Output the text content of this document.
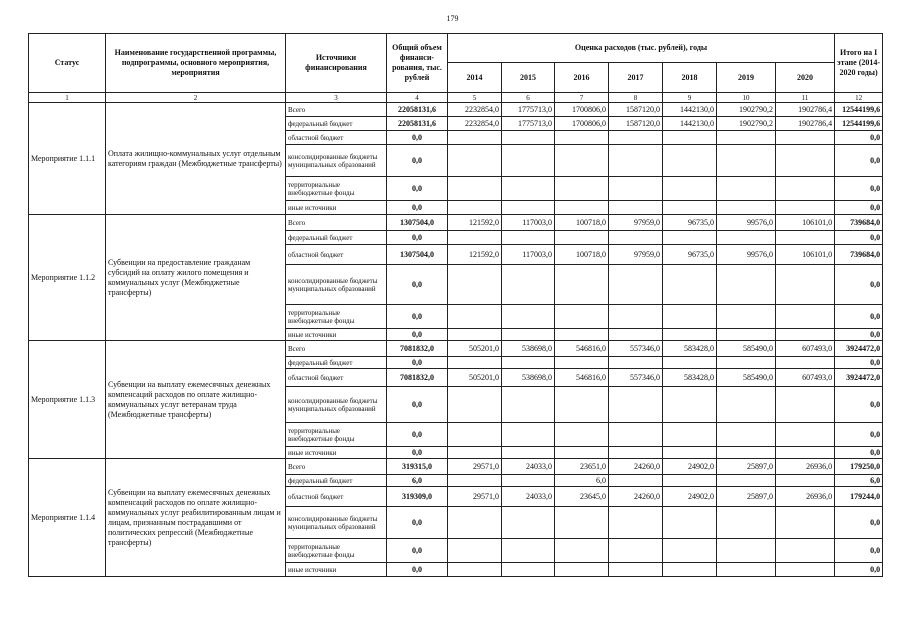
179
Статус	Наименование государственной программы, подпрограммы, основного мероприятия, мероприятия	Источники финансирования	Общий объем финанси-рования, тыс. рублей	Оценка расходов (тыс. рублей), годы							Итого на I этапе (2014-2020 годы)
				2014	2015	2016	2017	2018	2019	2020	
1	2	3	4	5	6	7	8	9	10	11	12
Мероприятие 1.1.1	Оплата жилищно-коммунальных услуг отдельным категориям граждан (Межбюджетные трансферты)	Всего	22058131,6	2232854,0	1775713,0	1700806,0	1587120,0	1442130,0	1902790,2	1902786,4	12544199,6
		федеральный бюджет	22058131,6	2232854,0	1775713,0	1700806,0	1587120,0	1442130,0	1902790,2	1902786,4	12544199,6
		областной бюджет	0,0								0,0
		консолидированные бюджеты муниципальных образований	0,0								0,0
		территориальные внебюджетные фонды	0,0								0,0
		иные источники	0,0								0,0
Мероприятие 1.1.2	Субвенции на предоставление гражданам субсидий на оплату жилого помещения и коммунальных услуг (Межбюджетные трансферты)	Всего	1307504,0	121592,0	117003,0	100718,0	97959,0	96735,0	99576,0	106101,0	739684,0
		федеральный бюджет	0,0								0,0
		областной бюджет	1307504,0	121592,0	117003,0	100718,0	97959,0	96735,0	99576,0	106101,0	739684,0
		консолидированные бюджеты муниципальных образований	0,0								0,0
		территориальные внебюджетные фонды	0,0								0,0
		иные источники	0,0								0,0
Мероприятие 1.1.3	Субвенции на выплату ежемесячных денежных компенсаций расходов по оплате жилищно-коммунальных услуг ветеранам труда (Межбюджетные трансферты)	Всего	7081832,0	505201,0	538698,0	546816,0	557346,0	583428,0	585490,0	607493,0	3924472,0
		федеральный бюджет	0,0								0,0
		областной бюджет	7081832,0	505201,0	538698,0	546816,0	557346,0	583428,0	585490,0	607493,0	3924472,0
		консолидированные бюджеты муниципальных образований	0,0								0,0
		территориальные внебюджетные фонды	0,0								0,0
		иные источники	0,0								0,0
Мероприятие 1.1.4	Субвенции на выплату ежемесячных денежных компенсаций расходов по оплате жилищно-коммунальных услуг реабилитированным лицам и лицам, признанным пострадавшими от политических репрессий (Межбюджетные трансферты)	Всего	319315,0	29571,0	24033,0	23651,0	24260,0	24902,0	25897,0	26936,0	179250,0
		федеральный бюджет	6,0			6,0					6,0
		областной бюджет	319309,0	29571,0	24033,0	23645,0	24260,0	24902,0	25897,0	26936,0	179244,0
		консолидированные бюджеты муниципальных образований	0,0								0,0
		территориальные внебюджетные фонды	0,0								0,0
		иные источники	0,0								0,0
